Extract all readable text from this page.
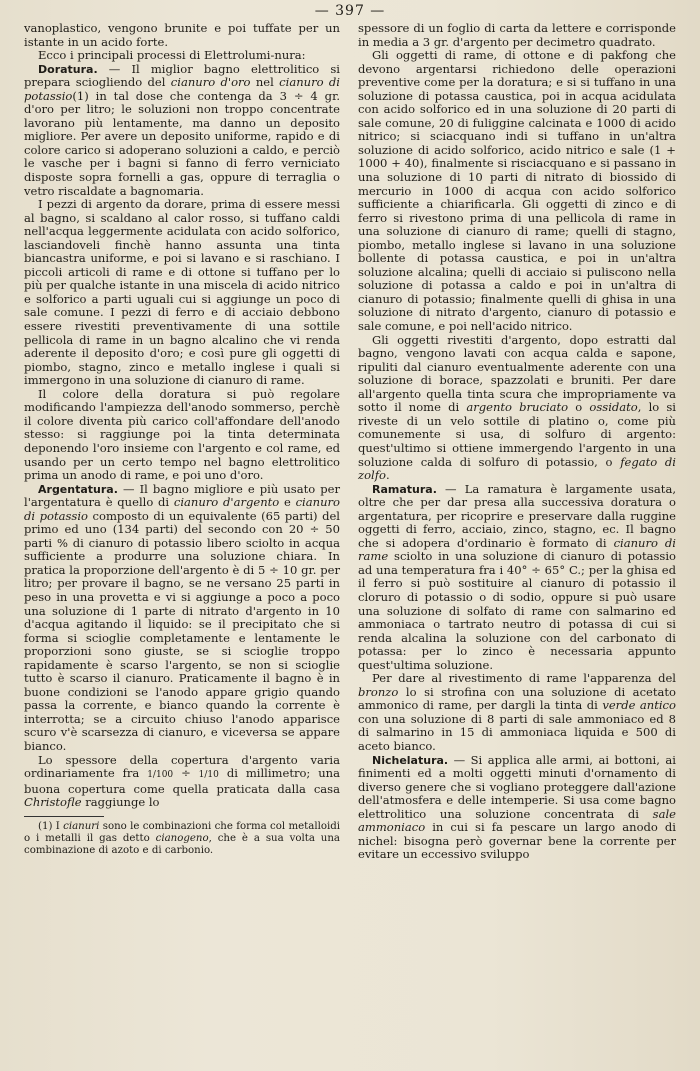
— 397 —

vanoplastico, vengono brunite e poi tuffate per un istante in un acido forte.

Ecco i principali processi di Elettrolumi-nura:

Doratura. — Il miglior bagno elettrolitico si prepara sciogliendo del cianuro d'oro nel cianuro di potassio(1) in tal dose che contenga da 3 ÷ 4 gr. d'oro per litro; le soluzioni non troppo concentrate lavorano più lentamente, ma danno un deposito migliore. Per avere un deposito uniforme, rapido e di colore carico si adoperano soluzioni a caldo, e perciò le vasche per i bagni si fanno di ferro verniciato disposte sopra fornelli a gas, oppure di terraglia o vetro riscaldate a bagnomaria.

I pezzi di argento da dorare, prima di essere messi al bagno, si scaldano al calor rosso, si tuffano caldi nell'acqua leggermente acidulata con acido solforico, lasciandoveli finchè hanno assunta una tinta biancastra uniforme, e poi si lavano e si raschiano. I piccoli articoli di rame e di ottone si tuffano per lo più per qualche istante in una miscela di acido nitrico e solforico a parti uguali cui si aggiunge un poco di sale comune. I pezzi di ferro e di acciaio debbono essere rivestiti preventivamente di una sottile pellicola di rame in un bagno alcalino che vi renda aderente il deposito d'oro; e così pure gli oggetti di piombo, stagno, zinco e metallo inglese i quali si immergono in una soluzione di cianuro di rame.

Il colore della doratura si può regolare modificando l'ampiezza dell'anodo sommerso, perchè il colore diventa più carico coll'affondare dell'anodo stesso: si raggiunge poi la tinta determinata deponendo l'oro insieme con l'argento e col rame, ed usando per un certo tempo nel bagno elettrolitico prima un anodo di rame, e poi uno d'oro.

Argentatura. — Il bagno migliore e più usato per l'argentatura è quello di cianuro d'argento e cianuro di potassio composto di un equivalente (65 parti) del primo ed uno (134 parti) del secondo con 20 ÷ 50 parti % di cianuro di potassio libero sciolto in acqua sufficiente a produrre una soluzione chiara. In pratica la proporzione dell'argento è di 5 ÷ 10 gr. per litro; per provare il bagno, se ne versano 25 parti in peso in una provetta e vi si aggiunge a poco a poco una soluzione di 1 parte di nitrato d'argento in 10 d'acqua agitando il liquido: se il precipitato che si forma si scioglie completamente e lentamente le proporzioni sono giuste, se si scioglie troppo rapidamente è scarso l'argento, se non si scioglie tutto è scarso il cianuro. Praticamente il bagno è in buone condizioni se l'anodo appare grigio quando passa la corrente, e bianco quando la corrente è interrotta; se a circuito chiuso l'anodo apparisce scuro v'è scarsezza di cianuro, e viceversa se appare bianco.

Lo spessore della copertura d'argento varia ordinariamente fra 1/100 ÷ 1/10 di millimetro; una buona copertura come quella praticata dalla casa Christofle raggiunge lo

(1) I cianuri sono le combinazioni che forma col metalloidi o i metalli il gas detto cianogeno, che è a sua volta una combinazione di azoto e di carbonio.

spessore di un foglio di carta da lettere e corrisponde in media a 3 gr. d'argento per decimetro quadrato.

Gli oggetti di rame, di ottone e di pakfong che devono argentarsi richiedono delle operazioni preventive come per la doratura; e si si tuffano in una soluzione di potassa caustica, poi in acqua acidulata con acido solforico ed in una soluzione di 20 parti di sale comune, 20 di fuliggine calcinata e 1000 di acido nitrico; si sciacquano indi si tuffano in un'altra soluzione di acido solforico, acido nitrico e sale (1 + 1000 + 40), finalmente si risciacquano e si passano in una soluzione di 10 parti di nitrato di biossido di mercurio in 1000 di acqua con acido solforico sufficiente a chiarificarla. Gli oggetti di zinco e di ferro si rivestono prima di una pellicola di rame in una soluzione di cianuro di rame; quelli di stagno, piombo, metallo inglese si lavano in una soluzione bollente di potassa caustica, e poi in un'altra soluzione alcalina; quelli di acciaio si puliscono nella soluzione di potassa a caldo e poi in un'altra di cianuro di potassio; finalmente quelli di ghisa in una soluzione di nitrato d'argento, cianuro di potassio e sale comune, e poi nell'acido nitrico.

Gli oggetti rivestiti d'argento, dopo estratti dal bagno, vengono lavati con acqua calda e sapone, ripuliti dal cianuro eventualmente aderente con una soluzione di borace, spazzolati e bruniti. Per dare all'argento quella tinta scura che impropriamente va sotto il nome di argento bruciato o ossidato, lo si riveste di un velo sottile di platino o, come più comunemente si usa, di solfuro di argento: quest'ultimo si ottiene immergendo l'argento in una soluzione calda di solfuro di potassio, o fegato di zolfo.

Ramatura. — La ramatura è largamente usata, oltre che per dar presa alla successiva doratura o argentatura, per ricoprire e preservare dalla ruggine oggetti di ferro, acciaio, zinco, stagno, ec. Il bagno che si adopera d'ordinario è formato di cianuro di rame sciolto in una soluzione di cianuro di potassio ad una temperatura fra i 40° ÷ 65° C.; per la ghisa ed il ferro si può sostituire al cianuro di potassio il cloruro di potassio o di sodio, oppure si può usare una soluzione di solfato di rame con salmarino ed ammoniaca o tartrato neutro di potassa di cui si renda alcalina la soluzione con del carbonato di potassa: per lo zinco è necessaria appunto quest'ultima soluzione.

Per dare al rivestimento di rame l'apparenza del bronzo lo si strofina con una soluzione di acetato ammonico di rame, per dargli la tinta di verde antico con una soluzione di 8 parti di sale ammoniaco ed 8 di salmarino in 15 di ammoniaca liquida e 500 di aceto bianco.

Nichelatura. — Si applica alle armi, ai bottoni, ai finimenti ed a molti oggetti minuti d'ornamento di diverso genere che si vogliano proteggere dall'azione dell'atmosfera e delle intemperie. Si usa come bagno elettrolitico una soluzione concentrata di sale ammoniaco in cui si fa pescare un largo anodo di nichel: bisogna però governar bene la corrente per evitare un eccessivo sviluppo
